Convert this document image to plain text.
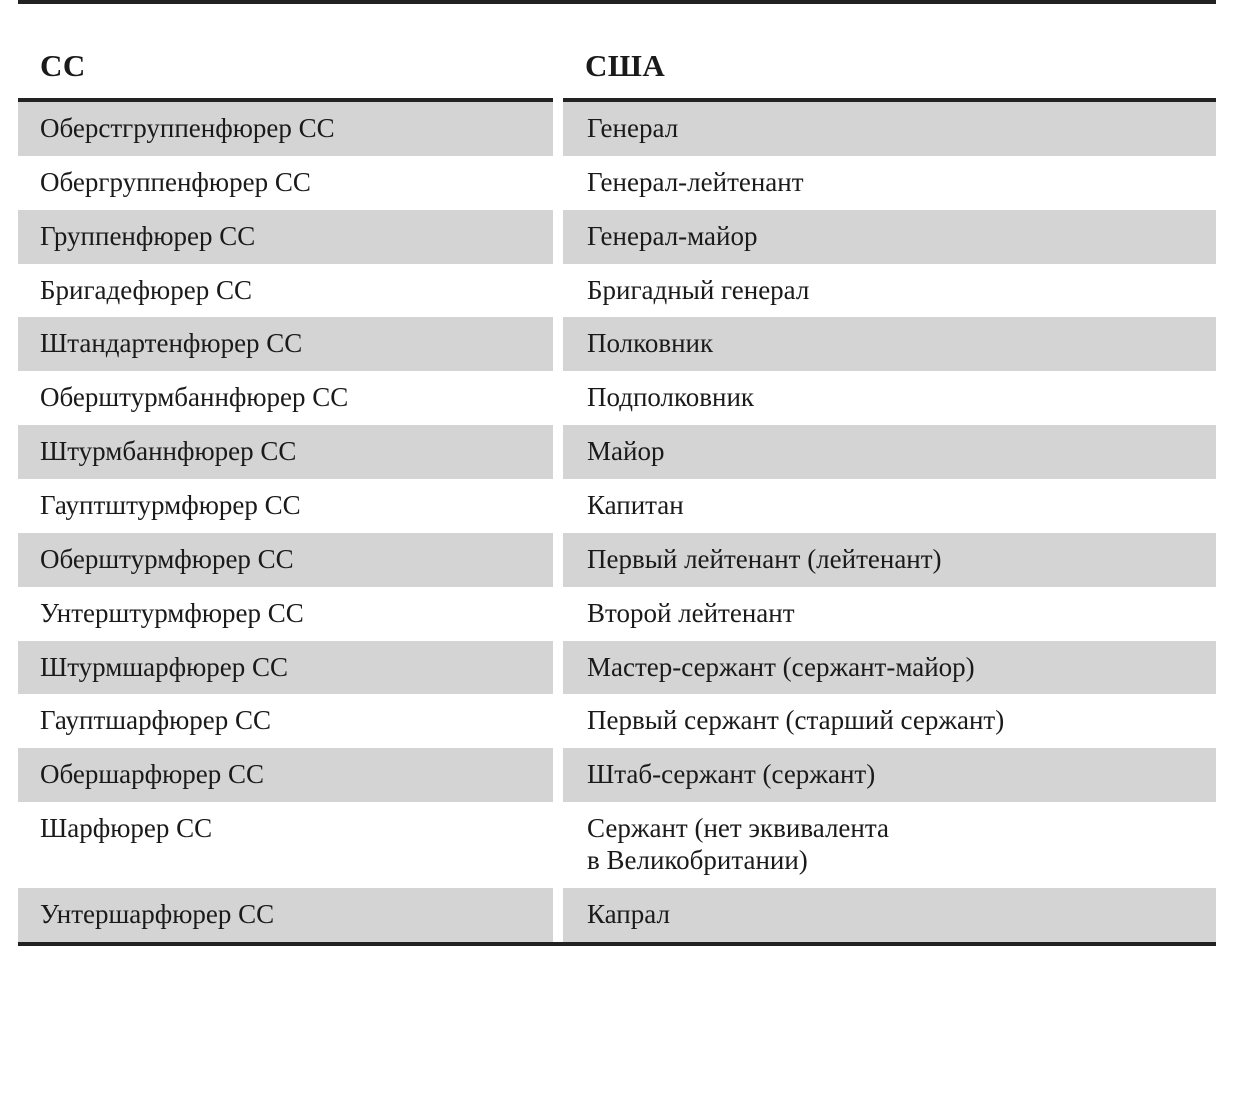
СС	США
Оберстгруппенфюрер СС	Генерал
Обергруппенфюрер СС	Генерал-лейтенант
Группенфюрер СС	Генерал-майор
Бригадефюрер СС	Бригадный генерал
Штандартенфюрер СС	Полковник
Оберштурмбаннфюрер СС	Подполковник
Штурмбаннфюрер СС	Майор
Гауптштурмфюрер СС	Капитан
Оберштурмфюрер СС	Первый лейтенант (лейтенант)
Унтерштурмфюрер СС	Второй лейтенант
Штурмшарфюрер СС	Мастер-сержант (сержант-майор)
Гауптшарфюрер СС	Первый сержант (старший сержант)
Обершарфюрер СС	Штаб-сержант (сержант)
Шарфюрер СС	Сержант (нет эквивалента
в Великобритании)

Унтершарфюрер СС	Капрал
